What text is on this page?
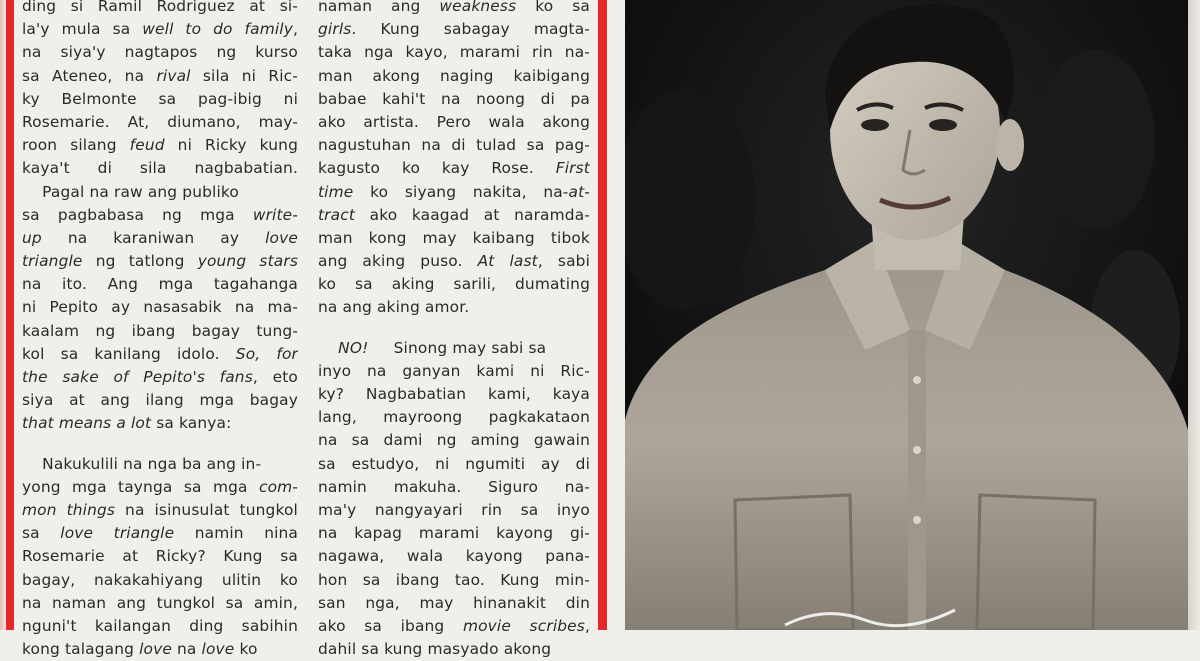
ding si Ramil Rodriguez at si-

la'y mula sa well to do family,

na siya'y nagtapos ng kurso

sa Ateneo, na rival sila ni Ric-

ky Belmonte sa pag-ibig ni

Rosemarie. At, diumano, may-

roon silang feud ni Ricky kung

kaya't di sila nagbabatian.

Pagal na raw ang publiko

sa pagbabasa ng mga write-

up na karaniwan ay love

triangle ng tatlong young stars

na ito. Ang mga tagahanga

ni Pepito ay nasasabik na ma-

kaalam ng ibang bagay tung-

kol sa kanilang idolo. So, for

the sake of Pepito's fans, eto

siya at ang ilang mga bagay

that means a lot sa kanya:

Nakukulili na nga ba ang in-

yong mga taynga sa mga com-

mon things na isinusulat tungkol

sa love triangle namin nina

Rosemarie at Ricky? Kung sa

bagay, nakakahiyang ulitin ko

na naman ang tungkol sa amin,

nguni't kailangan ding sabihin

kong talagang love na love ko

naman ang weakness ko sa

girls. Kung sabagay magta-

taka nga kayo, marami rin na-

man akong naging kaibigang

babae kahi't na noong di pa

ako artista. Pero wala akong

nagustuhan na di tulad sa pag-

kagusto ko kay Rose. First

time ko siyang nakita, na-at-

tract ako kaagad at naramda-

man kong may kaibang tibok

ang aking puso. At last, sabi

ko sa aking sarili, dumating

na ang aking amor.

NO!     Sinong may sabi sa

inyo na ganyan kami ni Ric-

ky? Nagbabatian kami, kaya

lang, mayroong pagkakataon

na sa dami ng aming gawain

sa estudyo, ni ngumiti ay di

namin makuha. Siguro na-

ma'y nangyayari rin sa inyo

na kapag marami kayong gi-

nagawa, wala kayong pana-

hon sa ibang tao. Kung min-

san nga, may hinanakit din

ako sa ibang movie scribes,

dahil sa kung masyado akong
